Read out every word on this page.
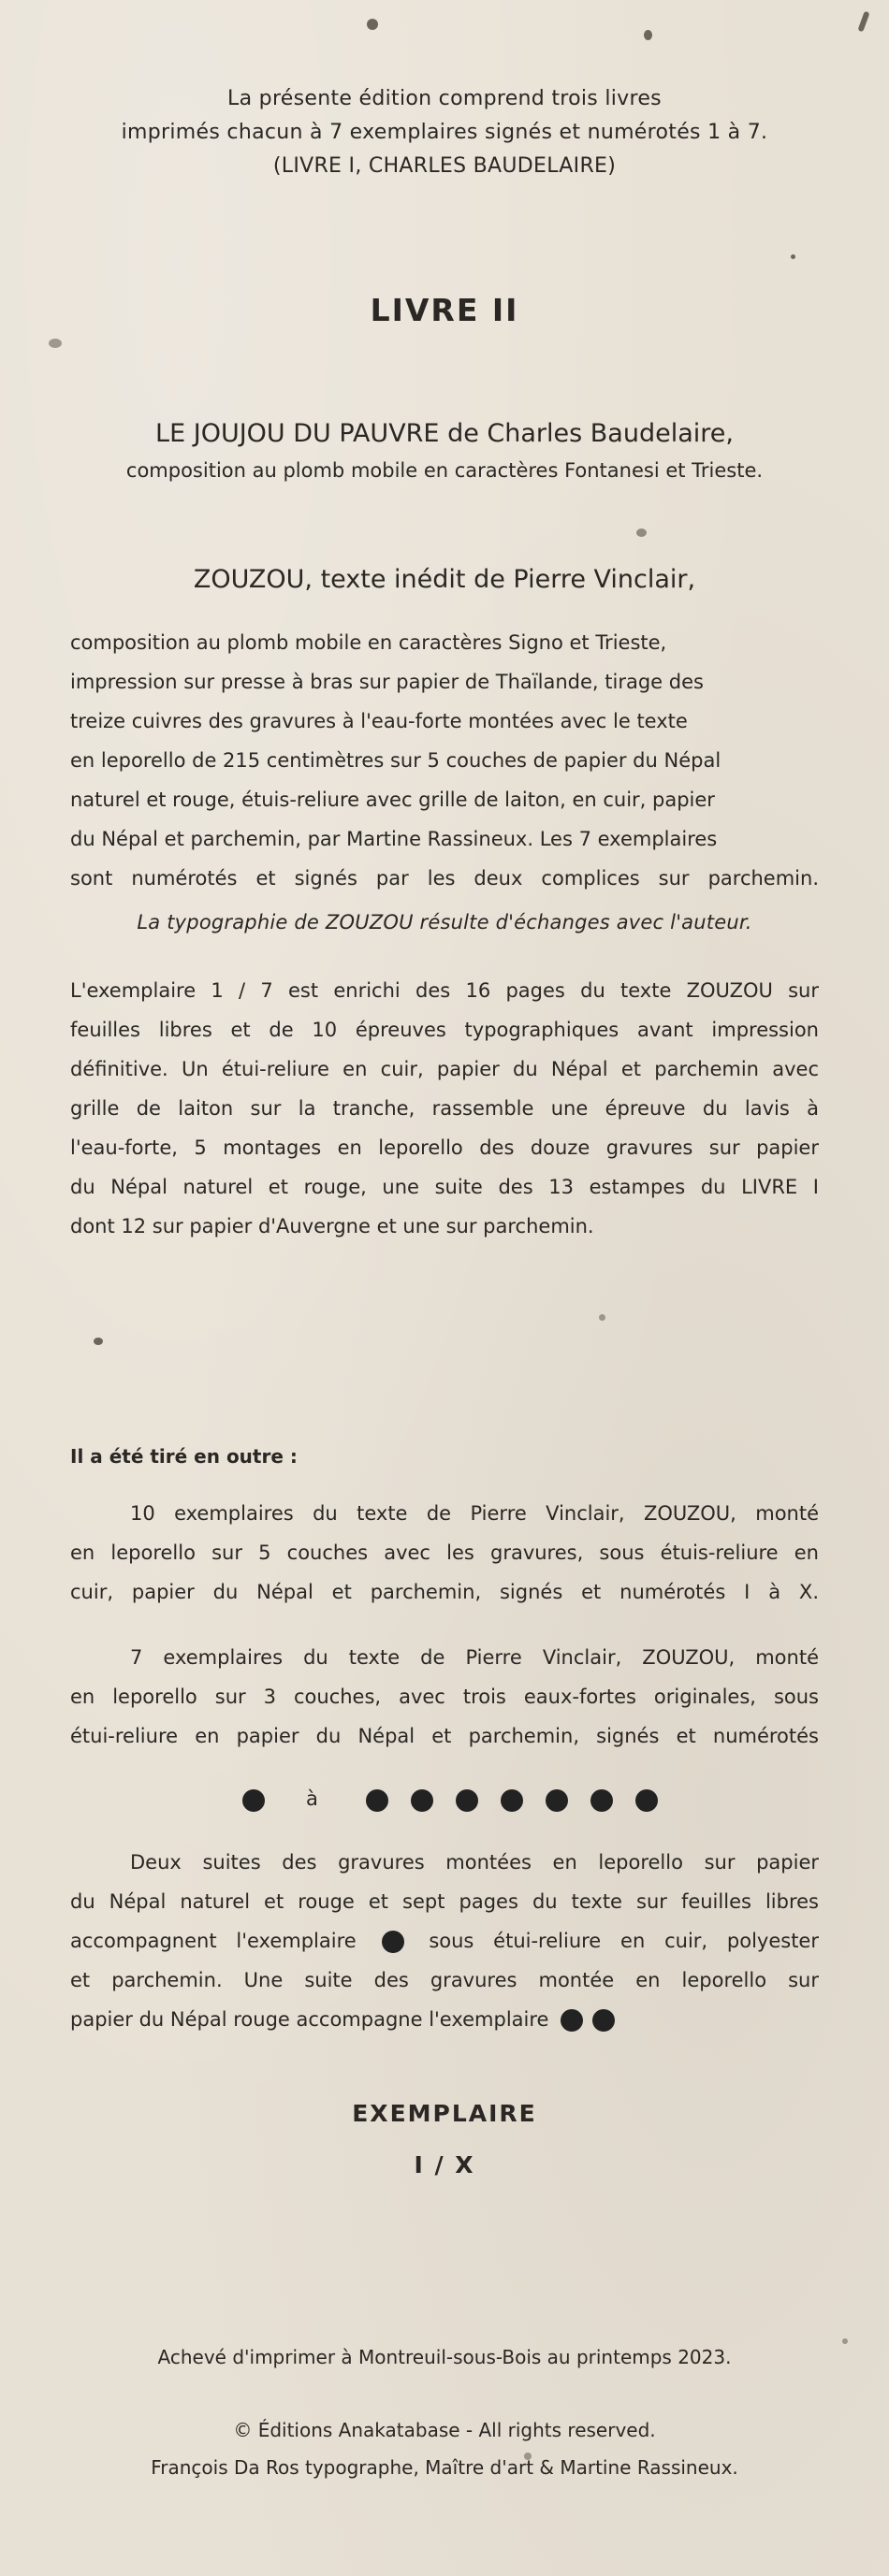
La présente édition comprend trois livres
imprimés chacun à 7 exemplaires signés et numérotés 1 à 7.
(LIVRE I, CHARLES BAUDELAIRE)
LIVRE II
LE JOUJOU DU PAUVRE de Charles Baudelaire,
composition au plomb mobile en caractères Fontanesi et Trieste.
ZOUZOU, texte inédit de Pierre Vinclair,

composition au plomb mobile en caractères Signo et Trieste,

impression sur presse à bras sur papier de Thaïlande, tirage des

treize cuivres des gravures à l'eau-forte montées avec le texte

en leporello de 215 centimètres sur 5 couches de papier du Népal

naturel et rouge, étuis-reliure avec grille de laiton, en cuir, papier

du Népal et parchemin, par Martine Rassineux. Les 7 exemplaires

sont numérotés et signés par les deux complices sur parchemin.

La typographie de ZOUZOU résulte d'échanges avec l'auteur.

L'exemplaire 1 / 7 est enrichi des 16 pages du texte ZOUZOU sur

feuilles libres et de 10 épreuves typographiques avant impression

définitive. Un étui-reliure en cuir, papier du Népal et parchemin avec

grille de laiton sur la tranche, rassemble une épreuve du lavis à

l'eau-forte, 5 montages en leporello des douze gravures sur papier

du Népal naturel et rouge, une suite des 13 estampes du LIVRE I

dont 12 sur papier d'Auvergne et une sur parchemin.

Il a été tiré en outre :

10 exemplaires du texte de Pierre Vinclair, ZOUZOU, monté

en leporello sur 5 couches avec les gravures, sous étuis-reliure en

cuir, papier du Népal et parchemin, signés et numérotés I à X.

7 exemplaires du texte de Pierre Vinclair, ZOUZOU, monté

en leporello sur 3 couches, avec trois eaux-fortes originales, sous

étui-reliure en papier du Népal et parchemin, signés et numérotés

à

Deux suites des gravures montées en leporello sur papier

du Népal naturel et rouge et sept pages du texte sur feuilles libres

accompagnent l'exemplaire	sous étui-reliure en cuir, polyester

et parchemin. Une suite des gravures montée en leporello sur

papier du Népal rouge accompagne l'exemplaire

EXEMPLAIRE
I / X
Achevé d'imprimer à Montreuil-sous-Bois au printemps 2023.
© Éditions Anakatabase - All rights reserved.
François Da Ros typographe, Maître d'art & Martine Rassineux.
